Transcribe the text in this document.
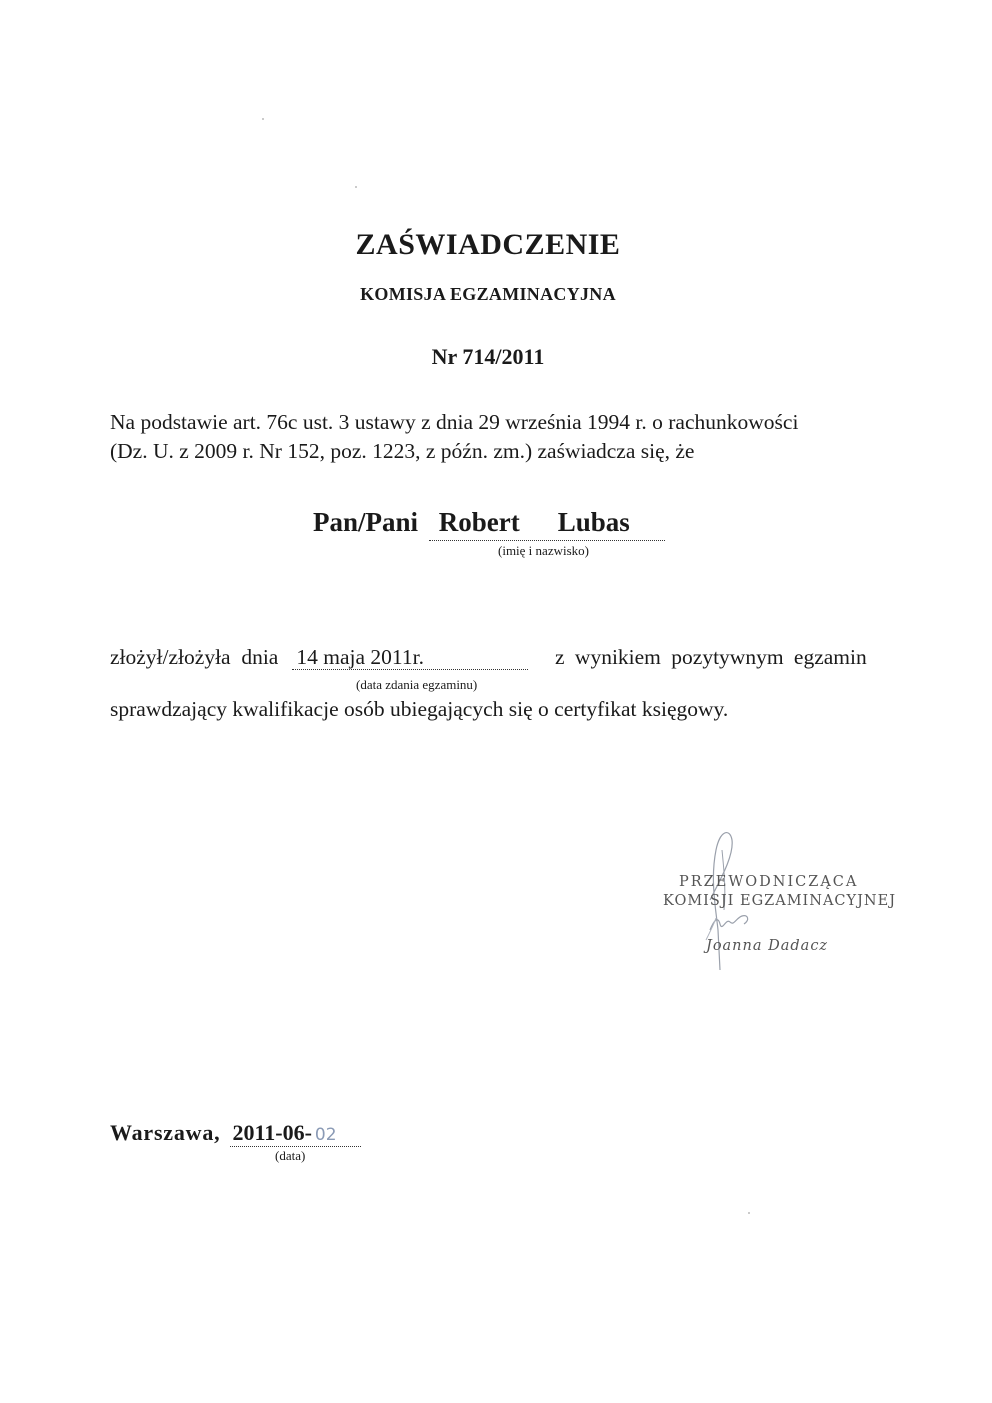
ZAŚWIADCZENIE
KOMISJA EGZAMINACYJNA
Nr 714/2011
Na podstawie art. 76c ust. 3 ustawy z dnia 29 września 1994 r. o rachunkowości
(Dz. U. z 2009 r. Nr 152, poz. 1223, z późn. zm.) zaświadcza się, że
Pan/Pani Robert Lubas
(imię i nazwisko)
złożył/złożyła  dnia 14 maja 2011r.	z wynikiem pozytywnym egzamin
(data zdania egzaminu)
sprawdzający kwalifikacje osób ubiegających się o certyfikat księgowy.
PRZEWODNICZĄCA
KOMISJI EGZAMINACYJNEJ
Joanna Dadacz
Warszawa, 2011-06- 02
(data)
